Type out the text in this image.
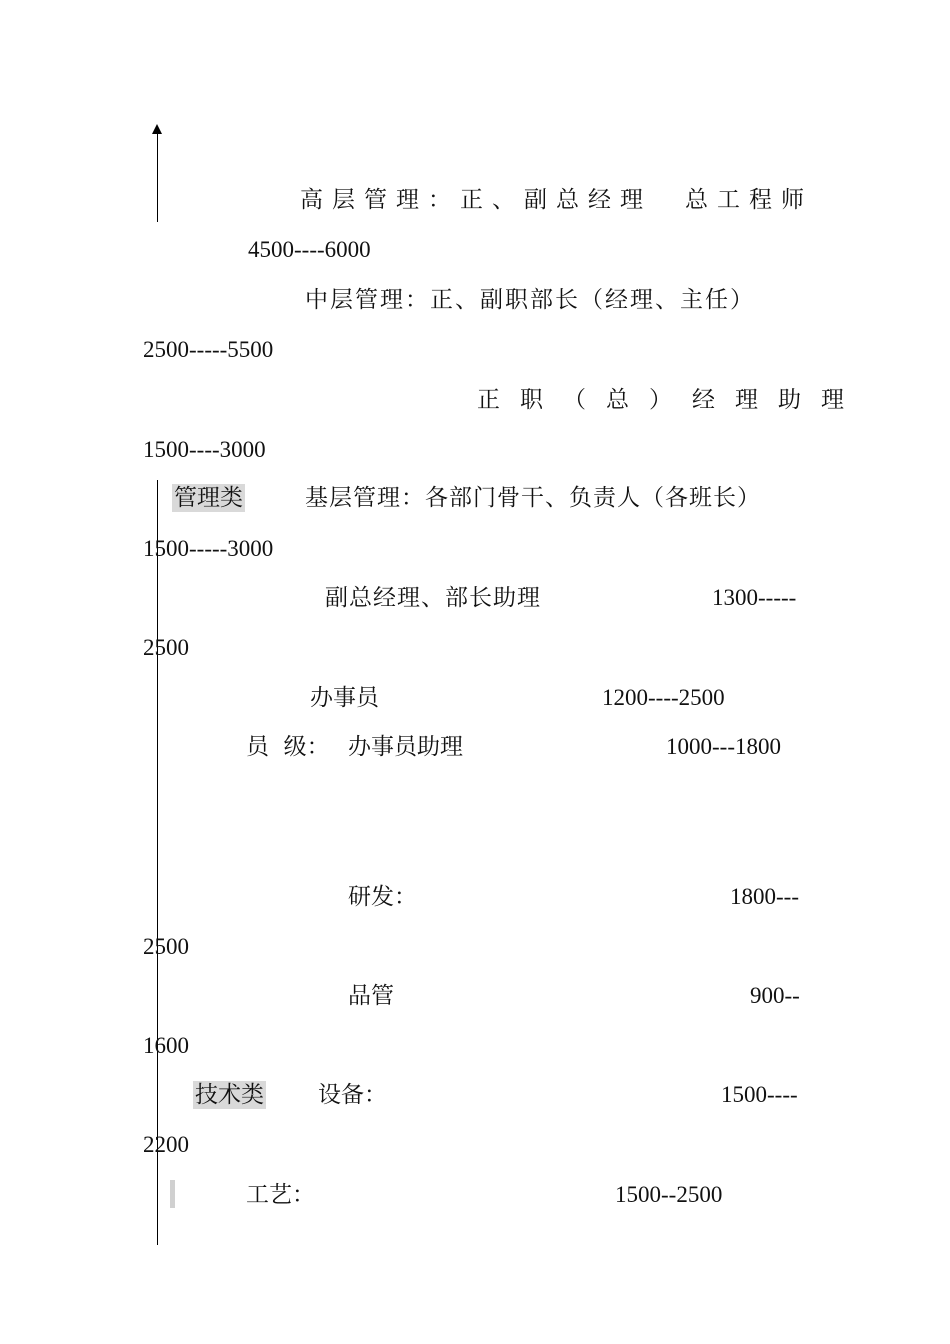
高层管理：正、副总经理 总工程师
4500----6000
中层管理：正、副职部长（经理、主任）
2500-----5500
正职（总）经理助理
1500----3000
管理类	基层管理：各部门骨干、负责人（各班长）
1500-----3000
副总经理、部长助理	1300-----
2500
办事员	1200----2500
员  级： 办事员助理	1000---1800
研发：	1800---
2500
品管	900--
1600
技术类 设备：	1500----
2200
工艺：	1500--2500
